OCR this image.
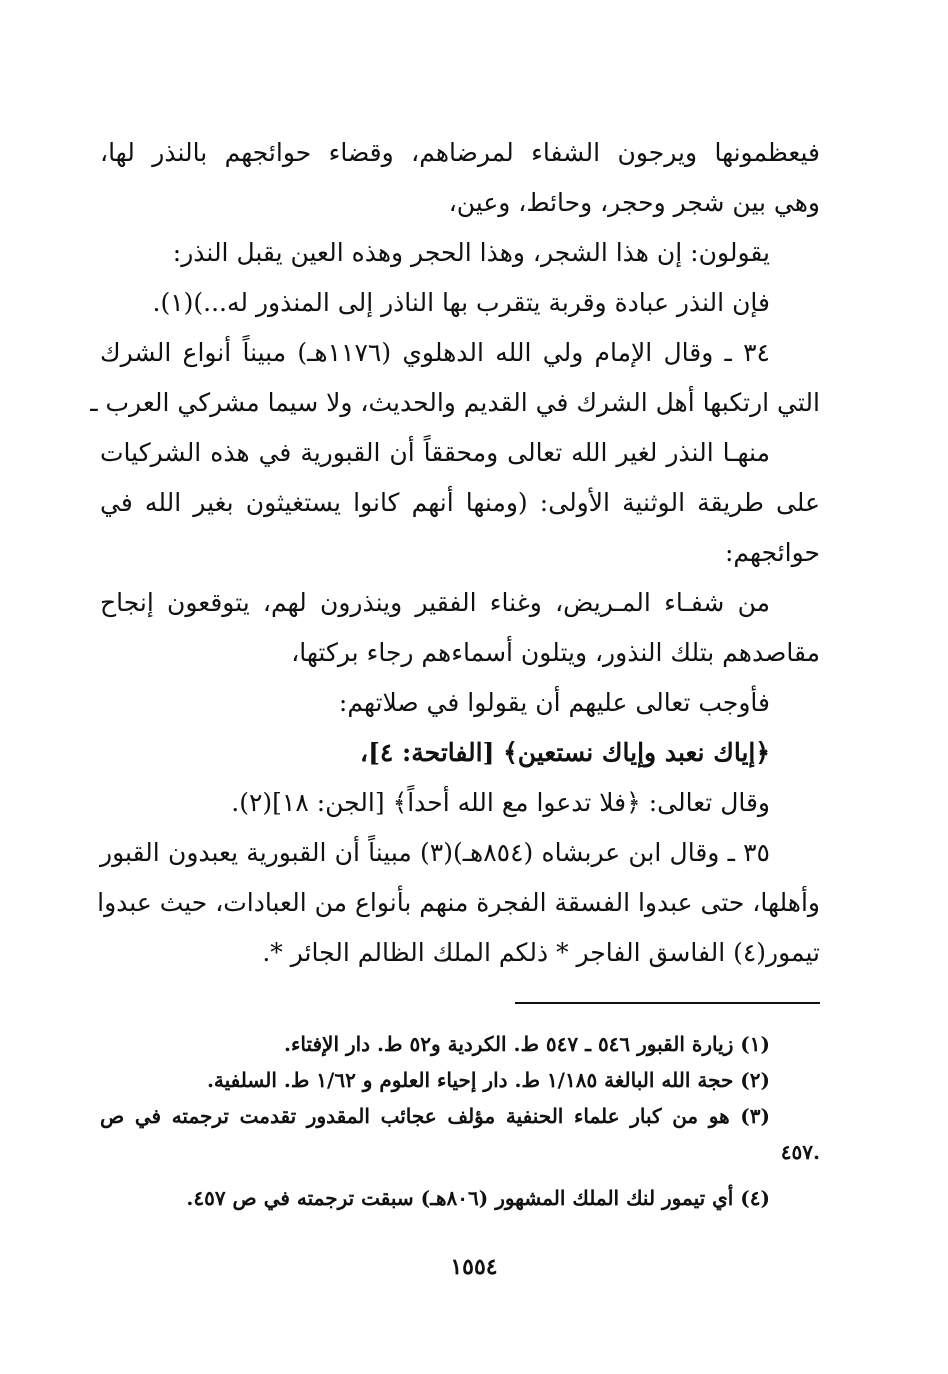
فيعظمونها ويرجون الشفاء لمرضاهم، وقضاء حوائجهم بالنذر لها،
وهي بين شجر وحجر، وحائط، وعين،
يقولون: إن هذا الشجر، وهذا الحجر وهذه العين يقبل النذر:
فإن النذر عبادة وقربة يتقرب بها الناذر إلى المنذور له...)(١).
٣٤ ـ وقال الإمام ولي الله الدهلوي (١١٧٦هـ) مبيناً أنواع الشرك
التي ارتكبها أهل الشرك في القديم والحديث، ولا سيما مشركي العرب ـ
منهـا النذر لغير الله تعالى ومحققاً أن القبورية في هذه الشركيات
على طريقة الوثنية الأولى: (ومنها أنهم كانوا يستغيثون بغير الله في
حوائجهم:
من شفـاء المـريض، وغناء الفقير وينذرون لهم، يتوقعون إنجاح
مقاصدهم بتلك النذور، ويتلون أسماءهم رجاء بركتها،
فأوجب تعالى عليهم أن يقولوا في صلاتهم:
﴿إياك نعبد وإياك نستعين﴾ [الفاتحة: ٤]،
وقال تعالى: ﴿فلا تدعوا مع الله أحداً﴾ [الجن: ١٨](٢).
٣٥ ـ وقال ابن عربشاه (٨٥٤هـ)(٣) مبيناً أن القبورية يعبدون القبور
وأهلها، حتى عبدوا الفسقة الفجرة منهم بأنواع من العبادات، حيث عبدوا
تيمور(٤) الفاسق الفاجر * ذلكم الملك الظالم الجائر *.
(١) زيارة القبور ٥٤٦ ـ ٥٤٧ ط. الكردية و٥٢ ط. دار الإفتاء.
(٢) حجة الله البالغة ١/١٨٥ ط. دار إحياء العلوم و ١/٦٢ ط. السلفية.
(٣) هو من كبار علماء الحنفية مؤلف عجائب المقدور تقدمت ترجمته في ص
.٤٥٧
(٤) أي تيمور لنك الملك المشهور (٨٠٦هـ) سبقت ترجمته في ص ٤٥٧.
١٥٥٤
